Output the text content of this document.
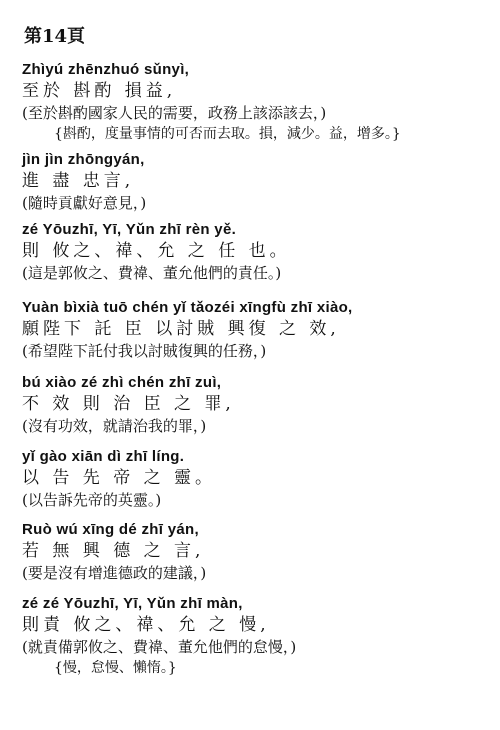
第14頁
Zhìyú zhēnzhuó sǔnyì,
至於 斟酌 損益,
(至於斟酌國家人民的需要，政務上該添該去，)
{斟酌，度量事情的可否而去取。損，減少。益，增多。}
jìn jìn zhōngyán,
進 盡 忠言,
(隨時貢獻好意見，)
zé Yōuzhī, Yī, Yǔn zhī rèn yě.
則 攸之、禕、允 之 任 也。
(這是郭攸之、費禕、董允他們的責任。)
Yuàn bìxià tuō chén yǐ tǎozéi xīngfù zhī xiào,
願陛下 託 臣 以討賊 興復 之 效,
(希望陛下託付我以討賊復興的任務，)
bú xiào zé zhì chén zhī zuì,
不 效 則 治 臣 之 罪,
(沒有功效，就請治我的罪，)
yǐ gào xiān dì zhī líng.
以 告 先 帝 之 靈。
(以告訴先帝的英靈。)
Ruò wú xīng dé zhī yán,
若 無 興 德 之 言,
(要是沒有增進德政的建議，)
zé zé Yōuzhī, Yī, Yǔn zhī màn,
則責 攸之、禕、允 之 慢,
(就責備郭攸之、費禕、董允他們的怠慢，)
{慢，怠慢、懶惰。}
